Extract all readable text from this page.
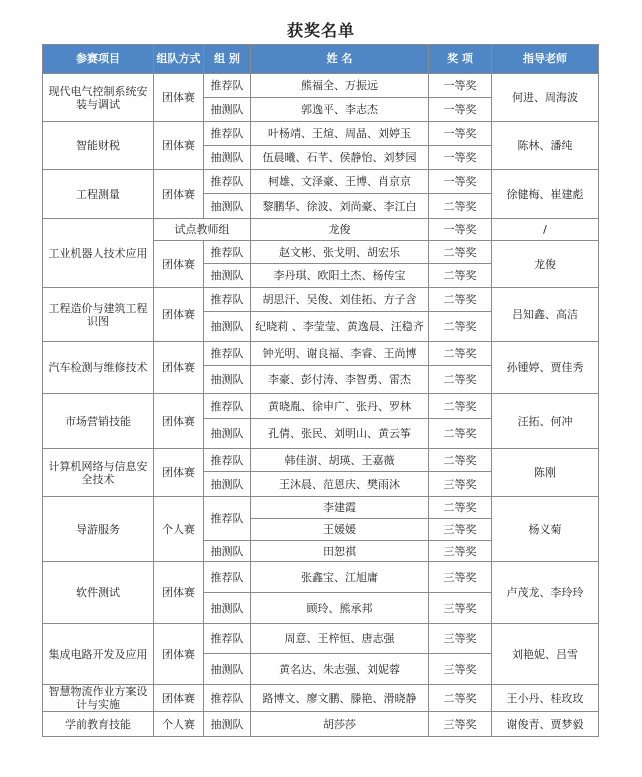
获奖名单
参赛项目	组队方式	组 别	姓 名	奖 项	指导老师
现代电气控制系统安装与调试	团体赛	推荐队	熊福全、万振远	一等奖	何进、周海波
		抽测队	郭逸平、李志杰	一等奖	
智能财税	团体赛	推荐队	叶杨靖、王煊、周晶、刘婷玉	一等奖	陈林、潘纯
		抽测队	伍晨曦、石芊、侯静怡、刘梦园	一等奖	
工程测量	团体赛	推荐队	柯雄、文泽豪、王博、肖京京	一等奖	徐健梅、崔建彪
		抽测队	黎鹏华、徐波、刘尚豪、李江白	二等奖	
工业机器人技术应用	试点教师组		龙俊	一等奖	/
	团体赛	推荐队	赵文彬、张戈明、胡宏乐	二等奖	龙俊
		抽测队	李丹琪、欧阳土杰、杨传宝	二等奖	
工程造价与建筑工程识图	团体赛	推荐队	胡思汗、吴俊、刘佳拓、方子含	二等奖	吕知鑫、高洁
		抽测队	纪晓莉 、李莹莹、黄逸晨、汪稳齐	二等奖	
汽车检测与维修技术	团体赛	推荐队	钟光明、谢良福、李睿、王尚博	二等奖	孙锺婷、贾佳秀
		抽测队	李豪、彭付涛、李智勇、雷杰	二等奖	
市场营销技能	团体赛	推荐队	黄晓胤、徐申广、张丹、罗林	二等奖	汪拓、何冲
		抽测队	孔倩、张民、刘明山、黄云筝	二等奖	
计算机网络与信息安全技术	团体赛	推荐队	韩佳澍、胡瑛、王嘉薇	二等奖	陈刚
		抽测队	王沐晨、范恩庆、樊雨沐	三等奖	
导游服务	个人赛	推荐队	李建霞	二等奖	杨义菊
			王媛媛	三等奖	
		抽测队	田恕祺	三等奖	
软件测试	团体赛	推荐队	张鑫宝、江旭庸	三等奖	卢茂龙、李玲玲
		抽测队	顾玲、熊承邦	三等奖	
集成电路开发及应用	团体赛	推荐队	周意、王梓恒、唐志强	三等奖	刘艳妮、吕雪
		抽测队	黄名达、朱志强、刘妮蓉	三等奖	
智慧物流作业方案设计与实施	团体赛	推荐队	路博文、廖文鹏、滕艳、滑晓静	二等奖	王小丹、桂玫玫
学前教育技能	个人赛	抽测队	胡莎莎	三等奖	谢俊青、贾梦毅
